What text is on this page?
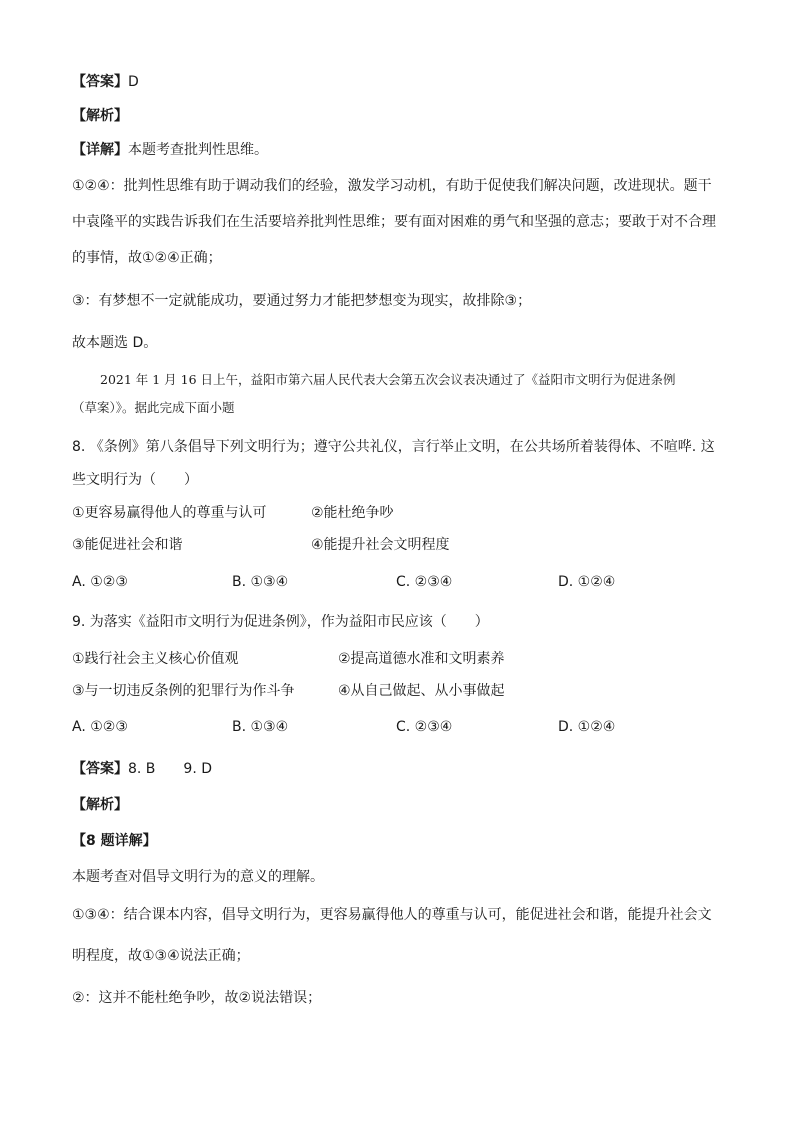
【答案】D
【解析】
【详解】本题考查批判性思维。
①②④：批判性思维有助于调动我们的经验，激发学习动机，有助于促使我们解决问题，改进现状。题干
中袁隆平的实践告诉我们在生活要培养批判性思维；要有面对困难的勇气和坚强的意志；要敢于对不合理
的事情，故①②④正确；
③：有梦想不一定就能成功，要通过努力才能把梦想变为现实，故排除③；
故本题选 D。
2021 年 1 月 16 日上午，益阳市第六届人民代表大会第五次会议表决通过了《益阳市文明行为促进条例
（草案）》。据此完成下面小题
8. 《条例》第八条倡导下列文明行为；遵守公共礼仪，言行举止文明，在公共场所着装得体、不喧哗. 这
些文明行为（　　）
①更容易赢得他人的尊重与认可	②能杜绝争吵
③能促进社会和谐	④能提升社会文明程度
A. ①②③	B. ①③④	C. ②③④	D. ①②④
9. 为落实《益阳市文明行为促进条例》，作为益阳市民应该（　　）
①践行社会主义核心价值观	②提高道德水准和文明素养
③与一切违反条例的犯罪行为作斗争	④从自己做起、从小事做起
A. ①②③	B. ①③④	C. ②③④	D. ①②④
【答案】8. B 9. D
【解析】
【8 题详解】
本题考查对倡导文明行为的意义的理解。
①③④：结合课本内容，倡导文明行为，更容易赢得他人的尊重与认可，能促进社会和谐，能提升社会文
明程度，故①③④说法正确；
②：这并不能杜绝争吵，故②说法错误；
